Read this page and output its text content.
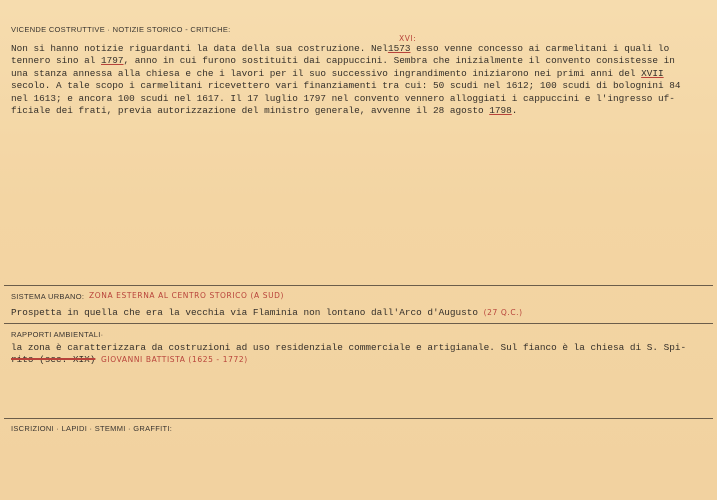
VICENDE COSTRUTTIVE · NOTIZIE STORICO - CRITICHE:
XVI:
Non si hanno notizie riguardanti la data della sua costruzione. Nel1573 esso venne concesso ai carmelitani i quali lo
tennero sino al 1797, anno in cui furono sostituiti dai cappuccini. Sembra che inizialmente il convento consistesse in
una stanza annessa alla chiesa e che i lavori per il suo successivo ingrandimento iniziarono nei primi anni del XVII
secolo. A tale scopo i carmelitani ricevettero vari finanziamenti tra cui: 50 scudi nel 1612; 100 scudi di bolognini 84
nel 1613; e ancora 100 scudi nel 1617. Il 17 luglio 1797 nel convento vennero alloggiati i cappuccini e l'ingresso uf-
ficiale dei frati, previa autorizzazione del ministro generale, avvenne il 28 agosto 1798.
SISTEMA URBANO: ZONA ESTERNA AL CENTRO STORICO (A SUD)
Prospetta in quella che era la vecchia via Flaminia non lontano dall'Arco d'Augusto (27 Q.C.)
RAPPORTI AMBIENTALI·
la zona è caratterizzara da costruzioni ad uso residenziale commerciale e artigianale. Sul fianco è la chiesa di S. Spi-
rito (sec. XIX) GIOVANNI BATTISTA (1625 - 1772)
ISCRIZIONI · LAPIDI · STEMMI · GRAFFITI:
